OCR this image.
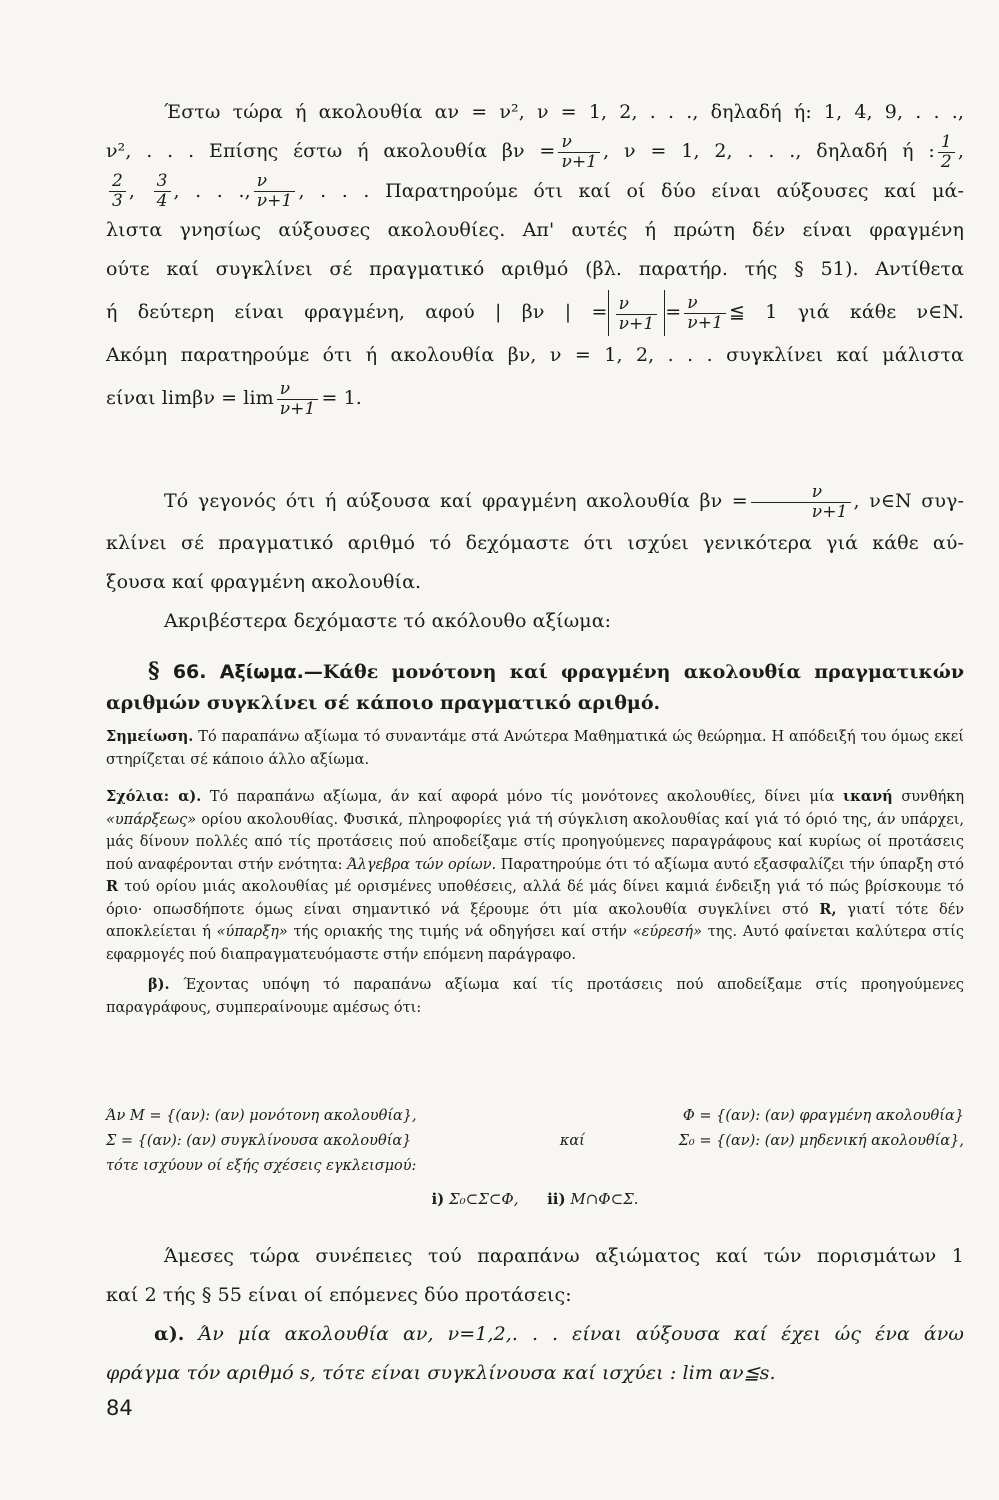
Έστω τώρα ή ακολουθία αν = ν², ν = 1, 2, . . ., δηλαδή ή: 1, 4, 9, . . .,

ν², . . . Επίσης έστω ή ακολουθία $\beta\nu = \frac{\nu}{\nu+1}$ , ν = 1, 2, . . ., δηλαδή ή : $\frac{1}{2}$ ,

$\frac{2}{3}$ , $\frac{3}{4}$ , . . ., $\frac{\nu}{\nu+1}$ , . . . Παρατηρούμε ότι καί οί δύο είναι αύξουσες καί μά-

λιστα γνησίως αύξουσες ακολουθίες. Απ' αυτές ή πρώτη δέν είναι φραγμένη

ούτε καί συγκλίνει σέ πραγματικό αριθμό (βλ. παρατήρ. τής § 51). Αντίθετα

ή δεύτερη είναι φραγμένη, αφού | βν | = $\frac{\nu}{\nu+1} = \frac{\nu}{\nu+1}$ ≦ 1 γιά κάθε ν∈N.

Ακόμη παρατηρούμε ότι ή ακολουθία βν, ν = 1, 2, . . . συγκλίνει καί μάλιστα

είναι $\lim\beta\nu = \lim \frac{\nu}{\nu+1} = 1$.

Τό γεγονός ότι ή αύξουσα καί φραγμένη ακολουθία $\beta\nu = \frac{\nu}{\nu+1}$ , ν∈N συγ-

κλίνει σέ πραγματικό αριθμό τό δεχόμαστε ότι ισχύει γενικότερα γιά κάθε αύ-

ξουσα καί φραγμένη ακολουθία.

Ακριβέστερα δεχόμαστε τό ακόλουθο αξίωμα:

§ 66. Αξίωμα.—Κάθε μονότονη καί φραγμένη ακολουθία πραγματικών αριθμών συγκλίνει σέ κάποιο πραγματικό αριθμό.

Σημείωση. Τό παραπάνω αξίωμα τό συναντάμε στά Ανώτερα Μαθηματικά ώς θεώρημα. Η απόδειξή του όμως εκεί στηρίζεται σέ κάποιο άλλο αξίωμα.

Σχόλια: α). Τό παραπάνω αξίωμα, άν καί αφορά μόνο τίς μονότονες ακολουθίες, δίνει μία ικανή συνθήκη «υπάρξεως» ορίου ακολουθίας. Φυσικά, πληροφορίες γιά τή σύγκλιση ακολουθίας καί γιά τό όριό της, άν υπάρχει, μάς δίνουν πολλές από τίς προτάσεις πού αποδείξαμε στίς προηγούμενες παραγράφους καί κυρίως οί προτάσεις πού αναφέρονται στήν ενότητα: Άλγεβρα τών ορίων. Παρατηρούμε ότι τό αξίωμα αυτό εξασφαλίζει τήν ύπαρξη στό R τού ορίου μιάς ακολουθίας μέ ορισμένες υποθέσεις, αλλά δέ μάς δίνει καμιά ένδειξη γιά τό πώς βρίσκουμε τό όριο· οπωσδήποτε όμως είναι σημαντικό νά ξέρουμε ότι μία ακολουθία συγκλίνει στό R, γιατί τότε δέν αποκλείεται ή «ύπαρξη» τής οριακής της τιμής νά οδηγήσει καί στήν «εύρεσή» της. Αυτό φαίνεται καλύτερα στίς εφαρμογές πού διαπραγματευόμαστε στήν επόμενη παράγραφο.

β). Έχοντας υπόψη τό παραπάνω αξίωμα καί τίς προτάσεις πού αποδείξαμε στίς προηγούμενες παραγράφους, συμπεραίνουμε αμέσως ότι:

Άν M = {(αν): (αν) μονότονη ακολουθία},	Φ = {(αν): (αν) φραγμένη ακολουθία}
Σ = {(αν): (αν) συγκλίνουσα ακολουθία}	καί	Σ₀ = {(αν): (αν) μηδενική ακολουθία},
τότε ισχύουν οί εξής σχέσεις εγκλεισμού:
i) Σ₀⊂Σ⊂Φ, ii) M∩Φ⊂Σ.

Άμεσες τώρα συνέπειες τού παραπάνω αξιώματος καί τών πορισμάτων 1

καί 2 τής § 55 είναι οί επόμενες δύο προτάσεις:

α). Άν μία ακολουθία αν, ν=1,2,. . . είναι αύξουσα καί έχει ώς ένα άνω

φράγμα τόν αριθμό s, τότε είναι συγκλίνουσα καί ισχύει : lim αν≦s.

84
